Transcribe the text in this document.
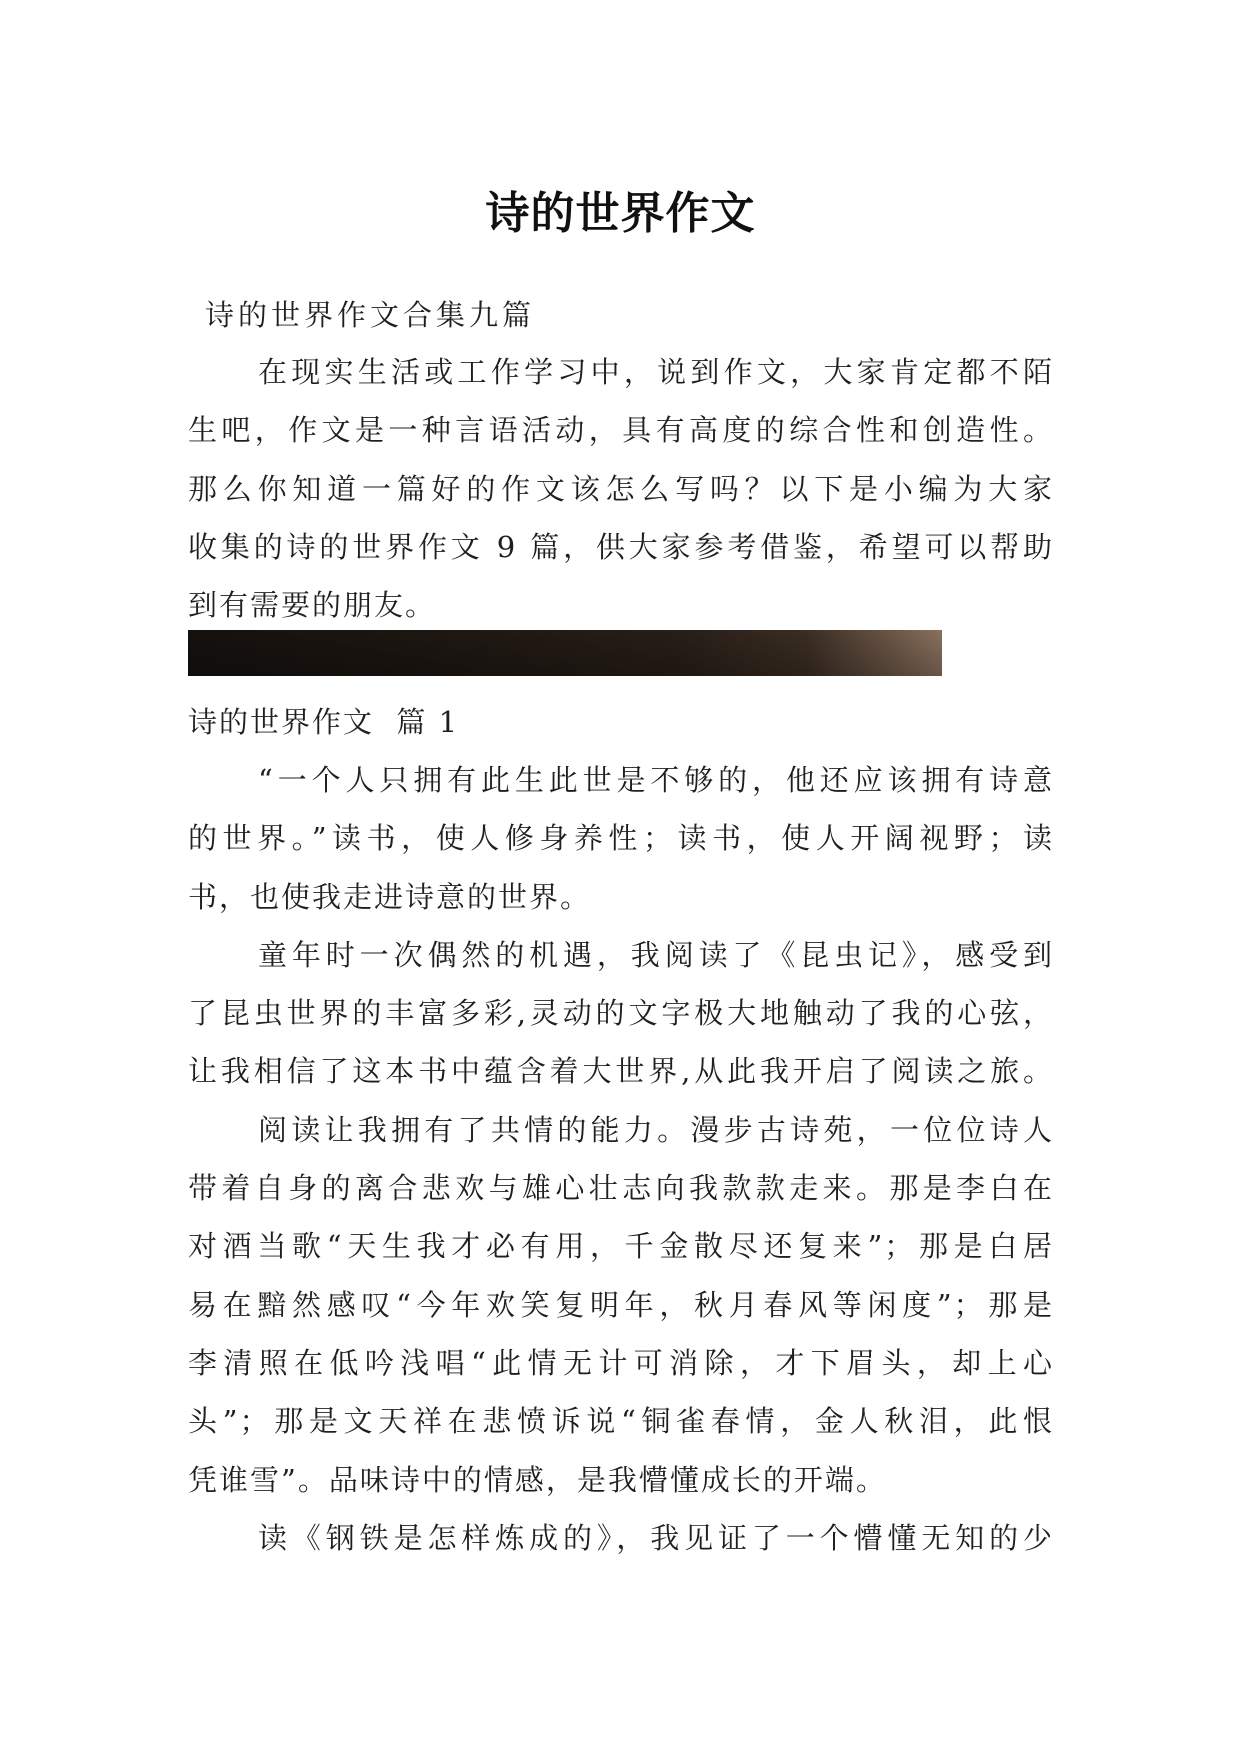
诗的世界作文
诗的世界作文合集九篇
在现实生活或工作学习中，说到作文，大家肯定都不陌
生吧，作文是一种言语活动，具有高度的综合性和创造性。
那么你知道一篇好的作文该怎么写吗？以下是小编为大家
收集的诗的世界作文 9 篇，供大家参考借鉴，希望可以帮助
到有需要的朋友。
诗的世界作文  篇 1
“一个人只拥有此生此世是不够的，他还应该拥有诗意
的世界。”读书，使人修身养性；读书，使人开阔视野；读
书，也使我走进诗意的世界。
童年时一次偶然的机遇，我阅读了《昆虫记》，感受到
了昆虫世界的丰富多彩,灵动的文字极大地触动了我的心弦，
让我相信了这本书中蕴含着大世界,从此我开启了阅读之旅。
阅读让我拥有了共情的能力。漫步古诗苑，一位位诗人
带着自身的离合悲欢与雄心壮志向我款款走来。那是李白在
对酒当歌“天生我才必有用，千金散尽还复来”；那是白居
易在黯然感叹“今年欢笑复明年，秋月春风等闲度”；那是
李清照在低吟浅唱“此情无计可消除，才下眉头，却上心
头”；那是文天祥在悲愤诉说“铜雀春情，金人秋泪，此恨
凭谁雪”。品味诗中的情感，是我懵懂成长的开端。
读《钢铁是怎样炼成的》，我见证了一个懵懂无知的少
